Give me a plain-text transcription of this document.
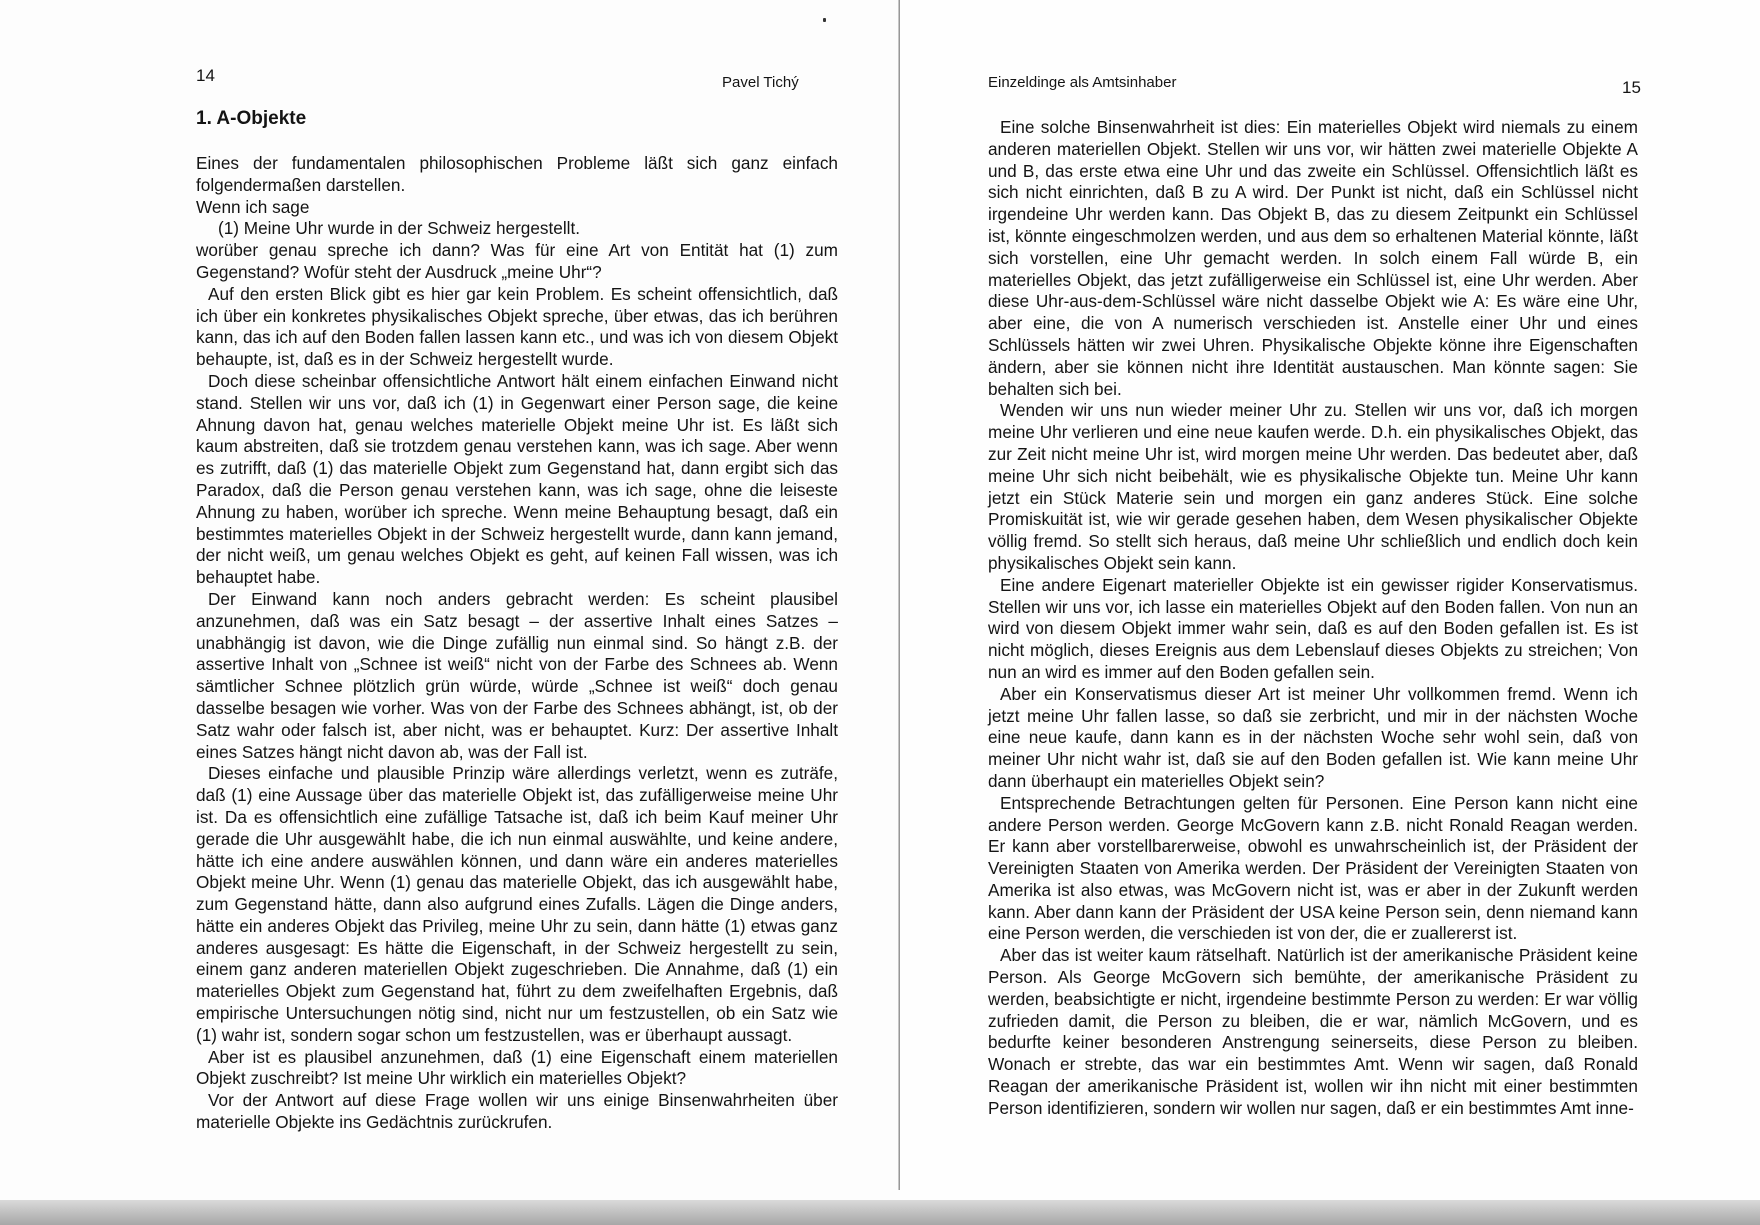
14	Pavel Tichý
1. A-Objekte

Eines der fundamentalen philosophischen Probleme läßt sich ganz einfach folgendermaßen darstellen.

Wenn ich sage

(1) Meine Uhr wurde in der Schweiz hergestellt.

worüber genau spreche ich dann? Was für eine Art von Entität hat (1) zum Gegenstand? Wofür steht der Ausdruck „meine Uhr“?

Auf den ersten Blick gibt es hier gar kein Problem. Es scheint offensichtlich, daß ich über ein konkretes physikalisches Objekt spreche, über etwas, das ich berühren kann, das ich auf den Boden fallen lassen kann etc., und was ich von diesem Objekt behaupte, ist, daß es in der Schweiz hergestellt wurde.

Doch diese scheinbar offensichtliche Antwort hält einem einfachen Einwand nicht stand. Stellen wir uns vor, daß ich (1) in Gegenwart einer Person sage, die keine Ahnung davon hat, genau welches materielle Objekt meine Uhr ist. Es läßt sich kaum abstreiten, daß sie trotzdem genau verstehen kann, was ich sage. Aber wenn es zutrifft, daß (1) das materielle Objekt zum Gegenstand hat, dann ergibt sich das Paradox, daß die Person genau verstehen kann, was ich sage, ohne die leiseste Ahnung zu haben, worüber ich spreche. Wenn meine Behauptung besagt, daß ein bestimmtes materielles Objekt in der Schweiz hergestellt wurde, dann kann jemand, der nicht weiß, um genau welches Objekt es geht, auf keinen Fall wissen, was ich behauptet habe.

Der Einwand kann noch anders gebracht werden: Es scheint plausibel anzunehmen, daß was ein Satz besagt – der assertive Inhalt eines Satzes – unabhängig ist davon, wie die Dinge zufällig nun einmal sind. So hängt z.B. der assertive Inhalt von „Schnee ist weiß“ nicht von der Farbe des Schnees ab. Wenn sämtlicher Schnee plötzlich grün würde, würde „Schnee ist weiß“ doch genau dasselbe besagen wie vorher. Was von der Farbe des Schnees abhängt, ist, ob der Satz wahr oder falsch ist, aber nicht, was er behauptet. Kurz: Der assertive Inhalt eines Satzes hängt nicht davon ab, was der Fall ist.

Dieses einfache und plausible Prinzip wäre allerdings verletzt, wenn es zuträfe, daß (1) eine Aussage über das materielle Objekt ist, das zufälligerweise meine Uhr ist. Da es offensichtlich eine zufällige Tatsache ist, daß ich beim Kauf meiner Uhr gerade die Uhr ausgewählt habe, die ich nun einmal auswählte, und keine andere, hätte ich eine andere auswählen können, und dann wäre ein anderes materielles Objekt meine Uhr. Wenn (1) genau das materielle Objekt, das ich ausgewählt habe, zum Gegenstand hätte, dann also aufgrund eines Zufalls. Lägen die Dinge anders, hätte ein anderes Objekt das Privileg, meine Uhr zu sein, dann hätte (1) etwas ganz anderes ausgesagt: Es hätte die Eigenschaft, in der Schweiz hergestellt zu sein, einem ganz anderen materiellen Objekt zugeschrieben. Die Annahme, daß (1) ein materielles Objekt zum Gegenstand hat, führt zu dem zweifelhaften Ergebnis, daß empirische Untersuchungen nötig sind, nicht nur um festzustellen, ob ein Satz wie (1) wahr ist, sondern sogar schon um festzustellen, was er überhaupt aussagt.

Aber ist es plausibel anzunehmen, daß (1) eine Eigenschaft einem materiellen Objekt zuschreibt? Ist meine Uhr wirklich ein materielles Objekt?

Vor der Antwort auf diese Frage wollen wir uns einige Binsenwahrheiten über materielle Objekte ins Gedächtnis zurückrufen.

Einzeldinge als Amtsinhaber	15

Eine solche Binsenwahrheit ist dies: Ein materielles Objekt wird niemals zu einem anderen materiellen Objekt. Stellen wir uns vor, wir hätten zwei materielle Objekte A und B, das erste etwa eine Uhr und das zweite ein Schlüssel. Offensichtlich läßt es sich nicht einrichten, daß B zu A wird. Der Punkt ist nicht, daß ein Schlüssel nicht irgendeine Uhr werden kann. Das Objekt B, das zu diesem Zeitpunkt ein Schlüssel ist, könnte eingeschmolzen werden, und aus dem so erhaltenen Material könnte, läßt sich vorstellen, eine Uhr gemacht werden. In solch einem Fall würde B, ein materielles Objekt, das jetzt zufälligerweise ein Schlüssel ist, eine Uhr werden. Aber diese Uhr-aus-dem-Schlüssel wäre nicht dasselbe Objekt wie A: Es wäre eine Uhr, aber eine, die von A numerisch verschieden ist. Anstelle einer Uhr und eines Schlüssels hätten wir zwei Uhren. Physikalische Objekte könne ihre Eigenschaften ändern, aber sie können nicht ihre Identität austauschen. Man könnte sagen: Sie behalten sich bei.

Wenden wir uns nun wieder meiner Uhr zu. Stellen wir uns vor, daß ich morgen meine Uhr verlieren und eine neue kaufen werde. D.h. ein physikalisches Objekt, das zur Zeit nicht meine Uhr ist, wird morgen meine Uhr werden. Das bedeutet aber, daß meine Uhr sich nicht beibehält, wie es physikalische Objekte tun. Meine Uhr kann jetzt ein Stück Materie sein und morgen ein ganz anderes Stück. Eine solche Promiskuität ist, wie wir gerade gesehen haben, dem Wesen physikalischer Objekte völlig fremd. So stellt sich heraus, daß meine Uhr schließlich und endlich doch kein physikalisches Objekt sein kann.

Eine andere Eigenart materieller Objekte ist ein gewisser rigider Konservatismus. Stellen wir uns vor, ich lasse ein materielles Objekt auf den Boden fallen. Von nun an wird von diesem Objekt immer wahr sein, daß es auf den Boden gefallen ist. Es ist nicht möglich, dieses Ereignis aus dem Lebenslauf dieses Objekts zu streichen; Von nun an wird es immer auf den Boden gefallen sein.

Aber ein Konservatismus dieser Art ist meiner Uhr vollkommen fremd. Wenn ich jetzt meine Uhr fallen lasse, so daß sie zerbricht, und mir in der nächsten Woche eine neue kaufe, dann kann es in der nächsten Woche sehr wohl sein, daß von meiner Uhr nicht wahr ist, daß sie auf den Boden gefallen ist. Wie kann meine Uhr dann überhaupt ein materielles Objekt sein?

Entsprechende Betrachtungen gelten für Personen. Eine Person kann nicht eine andere Person werden. George McGovern kann z.B. nicht Ronald Reagan werden. Er kann aber vorstellbarerweise, obwohl es unwahrscheinlich ist, der Präsident der Vereinigten Staaten von Amerika werden. Der Präsident der Vereinigten Staaten von Amerika ist also etwas, was McGovern nicht ist, was er aber in der Zukunft werden kann. Aber dann kann der Präsident der USA keine Person sein, denn niemand kann eine Person werden, die verschieden ist von der, die er zuallererst ist.

Aber das ist weiter kaum rätselhaft. Natürlich ist der amerikanische Präsident keine Person. Als George McGovern sich bemühte, der amerikanische Präsident zu werden, beabsichtigte er nicht, irgendeine bestimmte Person zu werden: Er war völlig zufrieden damit, die Person zu bleiben, die er war, nämlich McGovern, und es bedurfte keiner besonderen Anstrengung seinerseits, diese Person zu bleiben. Wonach er strebte, das war ein bestimmtes Amt. Wenn wir sagen, daß Ronald Reagan der amerikanische Präsident ist, wollen wir ihn nicht mit einer bestimmten Person identifizieren, sondern wir wollen nur sagen, daß er ein bestimmtes Amt inne-
